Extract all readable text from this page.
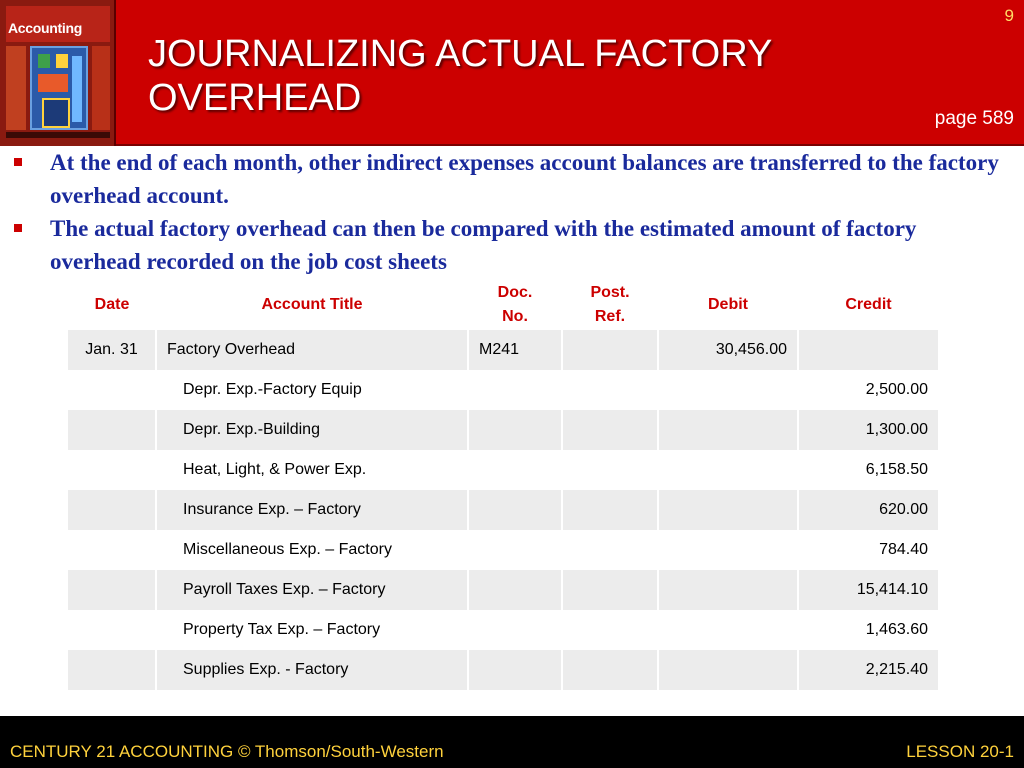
Accounting
JOURNALIZING ACTUAL FACTORY
OVERHEAD
9
page 589
At the end of each month, other indirect expenses account balances are transferred to the factory overhead account.
The actual factory overhead can then be compared with the estimated amount of factory overhead recorded on the job cost sheets
Date	Account Title	Doc. No.	Post. Ref.	Debit	Credit
Jan. 31	Factory Overhead	M241		30,456.00	
	Depr. Exp.-Factory Equip				2,500.00
	Depr. Exp.-Building				1,300.00
	Heat, Light, & Power Exp.				6,158.50
	Insurance Exp. – Factory				620.00
	Miscellaneous Exp. – Factory				784.40
	Payroll Taxes Exp. – Factory				15,414.10
	Property Tax Exp. – Factory				1,463.60
	Supplies Exp. - Factory				2,215.40
CENTURY 21 ACCOUNTING © Thomson/South-Western	LESSON 20-1
